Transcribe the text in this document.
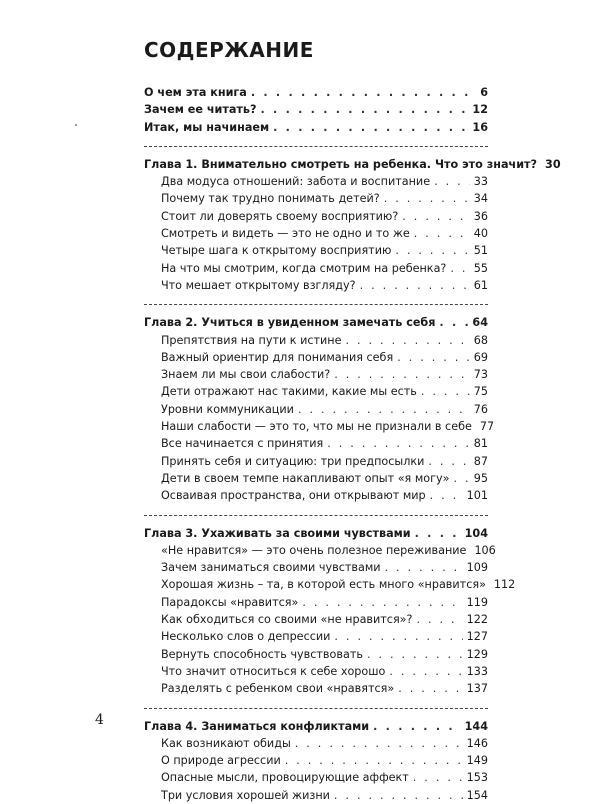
СОДЕРЖАНИЕ
О чем эта книга . . .	6
Зачем ее читать? . . .	12
Итак, мы начинаем . . .	16
Глава 1. Внимательно смотреть на ребенка. Что это значит? 30
Два модуса отношений: забота и воспитание . . .	33
Почему так трудно понимать детей? . . .	34
Стоит ли доверять своему восприятию? . . .	36
Смотреть и видеть — это не одно и то же . . .	40
Четыре шага к открытому восприятию . . .	51
На что мы смотрим, когда смотрим на ребенка? . . . 55
Что мешает открытому взгляду? . . .	61
Глава 2. Учиться в увиденном замечать себя . . .	64
Препятствия на пути к истине . . .	68
Важный ориентир для понимания себя . . .	69
Знаем ли мы свои слабости? . . .	73
Дети отражают нас такими, какие мы есть . . .	75
Уровни коммуникации . . .	76
Наши слабости — это то, что мы не признали в себе 77
Все начинается с принятия . . .	81
Принять себя и ситуацию: три предпосылки . . .	87
Дети в своем темпе накапливают опыт «я могу» . . . 95
Осваивая пространства, они открывают мир . . .	101
Глава 3. Ухаживать за своими чувствами . . .	104
«Не нравится» — это очень полезное переживание 106
Зачем заниматься своими чувствами . . .	109
Хорошая жизнь – та, в которой есть много «нравится» 112
Парадоксы «нравится» . . .	119
Как обходиться со своими «не нравится»? . . .	122
Несколько слов о депрессии . . .	127
Вернуть способность чувствовать . . .	129
Что значит относиться к себе хорошо . . .	133
Разделять с ребенком свои «нравятся» . . .	137
Глава 4. Заниматься конфликтами . . .	144
Как возникают обиды . . .	146
О природе агрессии . . .	149
Опасные мысли, провоцирующие аффект . . .	153
Три условия хорошей жизни . . .	154
4
